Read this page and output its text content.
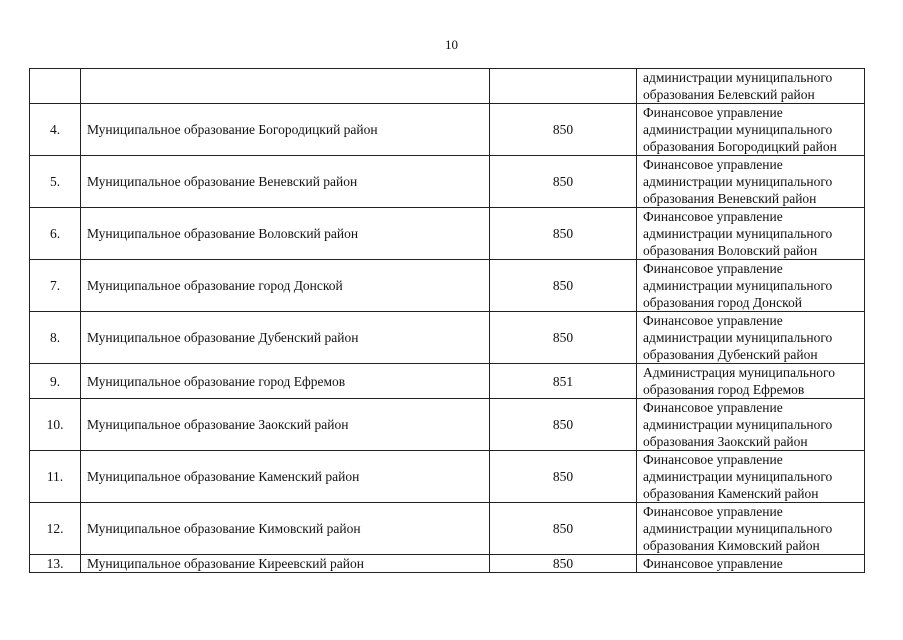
10
			администрации муниципального
образования Белевский район
4.	Муниципальное образование Богородицкий район	850	Финансовое управление
администрации муниципального
образования Богородицкий район
5.	Муниципальное образование Веневский район	850	Финансовое управление
администрации муниципального
образования Веневский район
6.	Муниципальное образование Воловский район	850	Финансовое управление
администрации муниципального
образования Воловский район
7.	Муниципальное образование город Донской	850	Финансовое управление
администрации муниципального
образования город Донской
8.	Муниципальное образование Дубенский район	850	Финансовое управление
администрации муниципального
образования Дубенский район
9.	Муниципальное образование город Ефремов	851	Администрация муниципального
образования город Ефремов
10.	Муниципальное образование Заокский район	850	Финансовое управление
администрации муниципального
образования Заокский район
11.	Муниципальное образование Каменский район	850	Финансовое управление
администрации муниципального
образования Каменский район
12.	Муниципальное образование Кимовский район	850	Финансовое управление
администрации муниципального
образования Кимовский район
13.	Муниципальное образование Киреевский район	850	Финансовое управление
